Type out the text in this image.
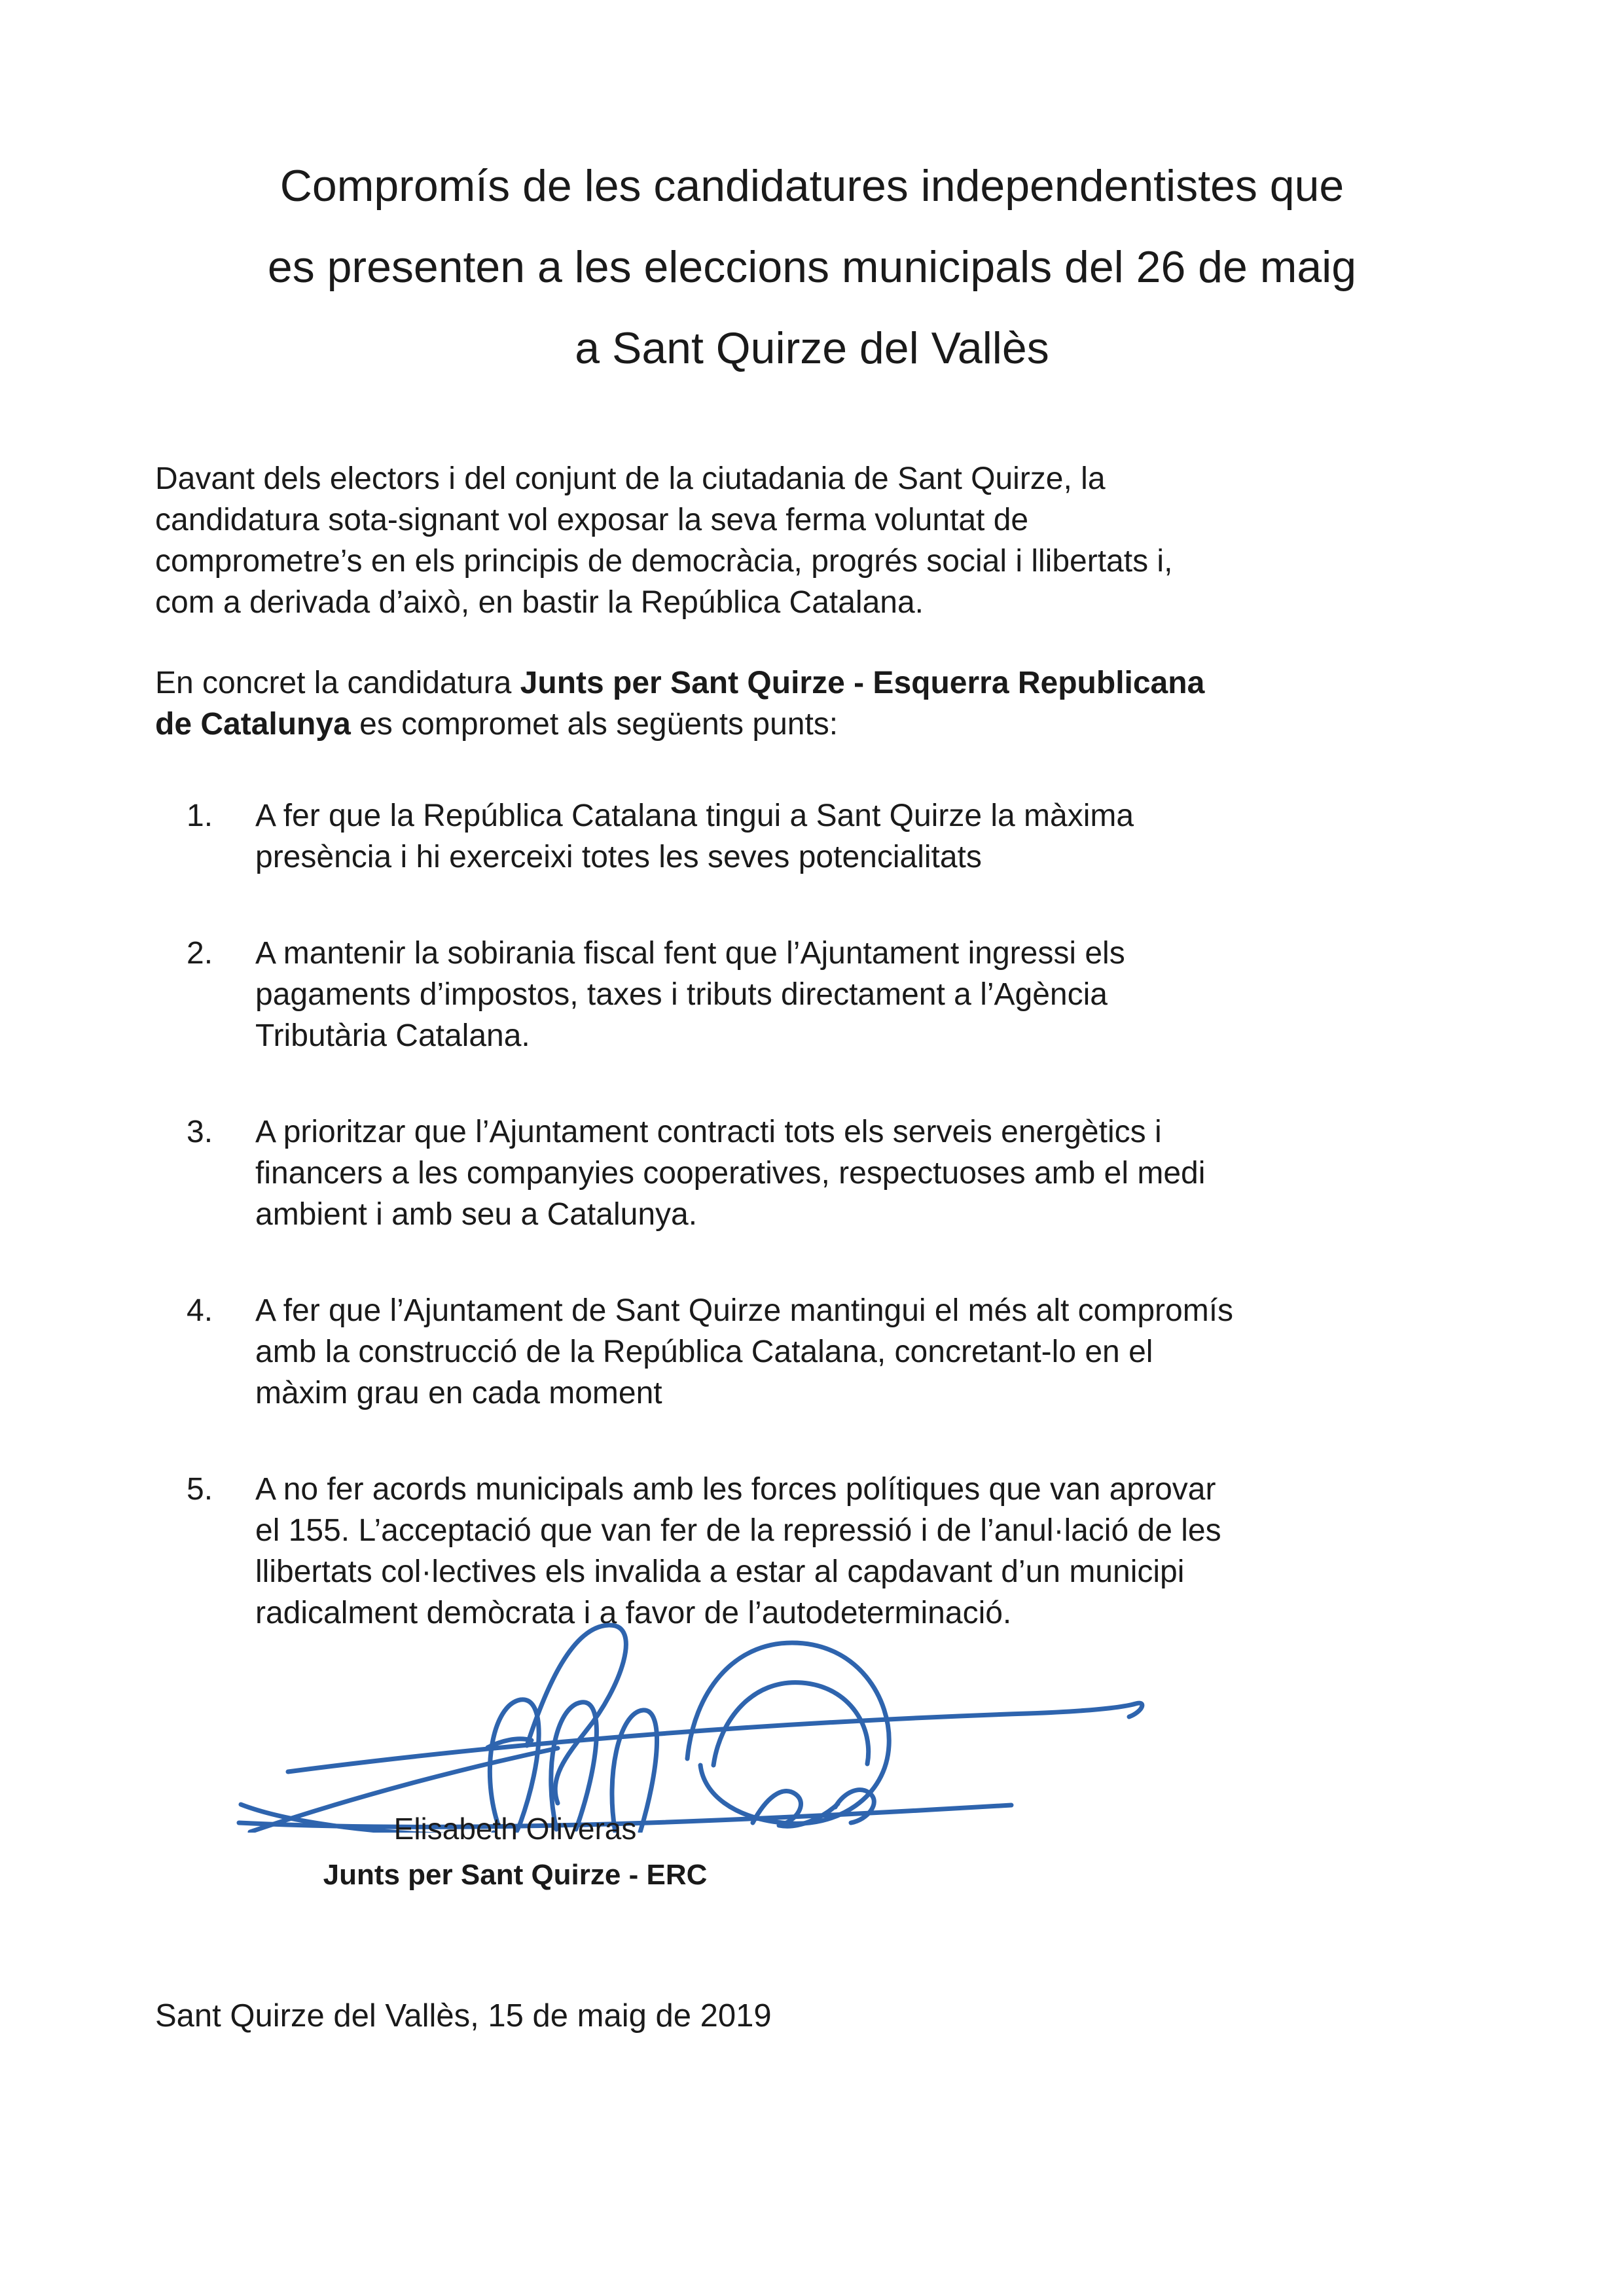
Compromís de les candidatures independentistes que
es presenten a les eleccions municipals del 26 de maig
a Sant Quirze del Vallès
Davant dels electors i del conjunt de la ciutadania de Sant Quirze, la
candidatura sota-signant vol exposar la seva ferma voluntat de
comprometre’s en els principis de democràcia, progrés social i llibertats i,
com a derivada d’això, en bastir la República Catalana.
En concret la candidatura Junts per Sant Quirze - Esquerra Republicana
de Catalunya es compromet als següents punts:
1.	A fer que la República Catalana tingui a Sant Quirze la màxima
presència i hi exerceixi totes les seves potencialitats
2.	A mantenir la sobirania fiscal fent que l’Ajuntament ingressi els
pagaments d’impostos, taxes i tributs directament a l’Agència
Tributària Catalana.
3.	A prioritzar que l’Ajuntament contracti tots els serveis energètics i
financers a les companyies cooperatives, respectuoses amb el medi
ambient i amb seu a Catalunya.
4.	A fer que l’Ajuntament de Sant Quirze mantingui el més alt compromís
amb la construcció de la República Catalana, concretant-lo en el
màxim grau en cada moment
5.	A no fer acords municipals amb les forces polítiques que van aprovar
el 155. L’acceptació que van fer de la repressió i de l’anul·lació de les
llibertats col·lectives els invalida a estar al capdavant d’un municipi
radicalment demòcrata i a favor de l’autodeterminació.
Elisabeth Oliveras
Junts per Sant Quirze - ERC
Sant Quirze del Vallès, 15 de maig de 2019
